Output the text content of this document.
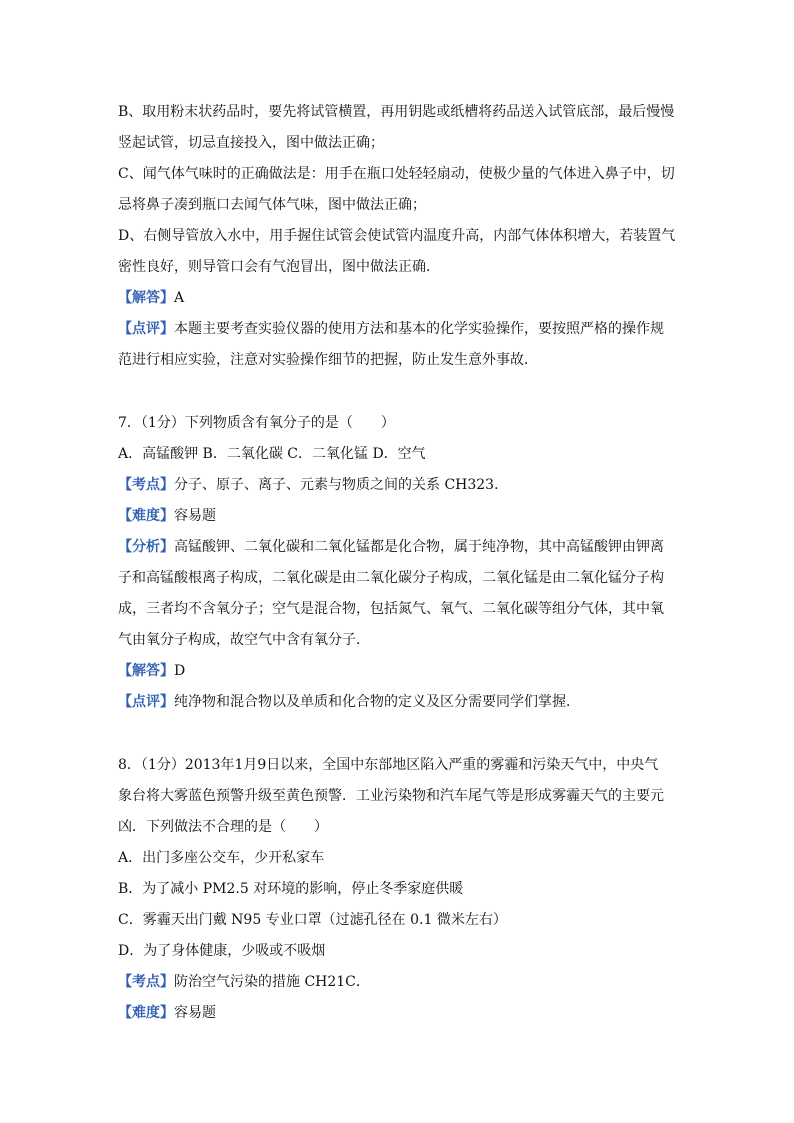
B、取用粉末状药品时，要先将试管横置，再用钥匙或纸槽将药品送入试管底部，最后慢慢
竖起试管，切忌直接投入，图中做法正确；
C、闻气体气味时的正确做法是：用手在瓶口处轻轻扇动，使极少量的气体进入鼻子中，切
忌将鼻子凑到瓶口去闻气体气味，图中做法正确；
D、右侧导管放入水中，用手握住试管会使试管内温度升高，内部气体体积增大，若装置气
密性良好，则导管口会有气泡冒出，图中做法正确．
【解答】A
【点评】本题主要考查实验仪器的使用方法和基本的化学实验操作，要按照严格的操作规
范进行相应实验，注意对实验操作细节的把握，防止发生意外事故．
7．（1分）下列物质含有氧分子的是（　　）
A．高锰酸钾 B．二氧化碳 C．二氧化锰 D．空气
【考点】分子、原子、离子、元素与物质之间的关系 CH323．
【难度】容易题
【分析】高锰酸钾、二氧化碳和二氧化锰都是化合物，属于纯净物，其中高锰酸钾由钾离
子和高锰酸根离子构成，二氧化碳是由二氧化碳分子构成，二氧化锰是由二氧化锰分子构
成，三者均不含氧分子；空气是混合物，包括氮气、氧气、二氧化碳等组分气体，其中氧
气由氧分子构成，故空气中含有氧分子．
【解答】D
【点评】纯净物和混合物以及单质和化合物的定义及区分需要同学们掌握．
8．（1分）2013年1月9日以来，全国中东部地区陷入严重的雾霾和污染天气中，中央气
象台将大雾蓝色预警升级至黄色预警．工业污染物和汽车尾气等是形成雾霾天气的主要元
凶．下列做法不合理的是（　　）
A．出门多座公交车，少开私家车
B．为了减小 PM2.5 对环境的影响，停止冬季家庭供暖
C．雾霾天出门戴 N95 专业口罩（过滤孔径在 0.1 微米左右）
D．为了身体健康，少吸或不吸烟
【考点】防治空气污染的措施 CH21C．
【难度】容易题
